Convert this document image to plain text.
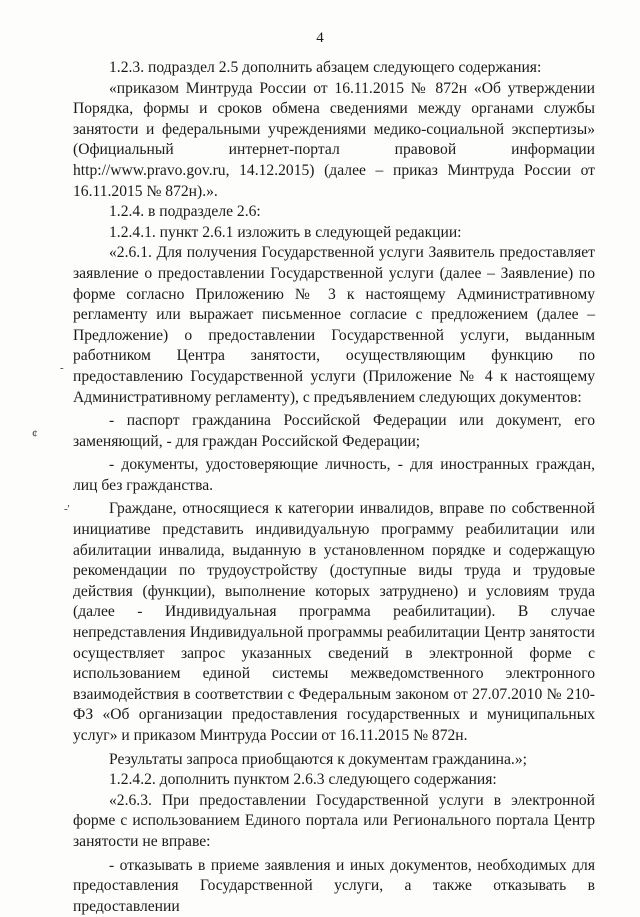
4
-
¢
-'

1.2.3. подраздел 2.5 дополнить абзацем следующего содержания:

«приказом Минтруда России от 16.11.2015 № 872н «Об утверждении Порядка, формы и сроков обмена сведениями между органами службы занятости и федеральными учреждениями медико-социальной экспертизы» (Официальный интернет-портал правовой информации http://www.pravo.gov.ru, 14.12.2015) (далее – приказ Минтруда России от 16.11.2015 № 872н).».

1.2.4. в подразделе 2.6:

1.2.4.1. пункт 2.6.1 изложить в следующей редакции:

«2.6.1. Для получения Государственной услуги Заявитель предоставляет заявление о предоставлении Государственной услуги (далее – Заявление) по форме согласно Приложению № 3 к настоящему Административному регламенту или выражает письменное согласие с предложением (далее – Предложение) о предоставлении Государственной услуги, выданным работником Центра занятости, осуществляющим функцию по предоставлению Государственной услуги (Приложение № 4 к настоящему Административному регламенту), с предъявлением следующих документов:

- паспорт гражданина Российской Федерации или документ, его заменяющий, - для граждан Российской Федерации;

- документы, удостоверяющие личность, - для иностранных граждан, лиц без гражданства.

Граждане, относящиеся к категории инвалидов, вправе по собственной инициативе представить индивидуальную программу реабилитации или абилитации инвалида, выданную в установленном порядке и содержащую рекомендации по трудоустройству (доступные виды труда и трудовые действия (функции), выполнение которых затруднено) и условиям труда (далее - Индивидуальная программа реабилитации). В случае непредставления Индивидуальной программы реабилитации Центр занятости осуществляет запрос указанных сведений в электронной форме с использованием единой системы межведомственного электронного взаимодействия в соответствии с Федеральным законом от 27.07.2010 № 210-ФЗ «Об организации предоставления государственных и муниципальных услуг» и приказом Минтруда России от 16.11.2015 № 872н.

Результаты запроса приобщаются к документам гражданина.»;

1.2.4.2. дополнить пунктом 2.6.3 следующего содержания:

«2.6.3. При предоставлении Государственной услуги в электронной форме с использованием Единого портала или Регионального портала Центр занятости не вправе:

- отказывать в приеме заявления и иных документов, необходимых для предоставления Государственной услуги, а также отказывать в предоставлении
